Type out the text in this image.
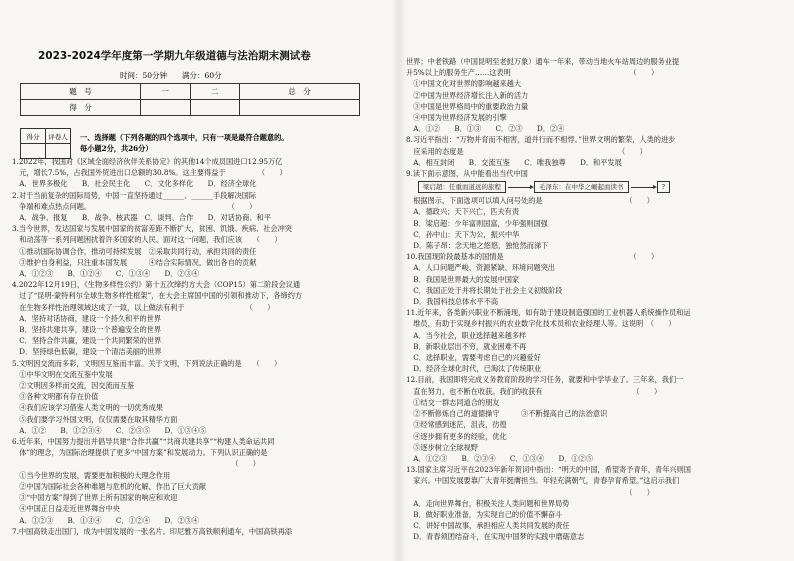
2023-2024学年度第一学期九年级道德与法治期末测试卷
时间：50分钟　　满分：60分
题　号	一	二	总　分
得　分			
得分	评卷人
	一、选择题（下列各题的四个选项中，只有一项是最符合题意的。
每小题2分，共26分）
1.2022年，我国对《区域全面经济伙伴关系协定》的其他14个成员国进口12.95万亿
　元，增长7.5%，占我国外贸进出口总额的30.8%。这主要得益于　　　　　（　　）
　A．世界多极化　　B．社会民主化　　C．文化多样化　　D．经济全球化
2.对于当前复杂的国际局势，中国一直坚持通过______、______手段解决国际
　争端和难点热点问题。　　　　　　　　　　　　　　　　　　　　（　　）
　A．战争、报复　　B．战争、核武器　C．谈判、合作　　D．对话协商、和平
3.当今世界，发达国家与发展中国家的贫富差距不断扩大，贫困、饥饿、疾病、社会冲突
　和动荡等一系列问题困扰着许多国家的人民。面对这一问题，我们应该　　（　　）
　①推动国际协调合作，推动可持续发展　②采取共同行动，承担共同的责任
　③维护自身利益，只注重本国发展　　　④结合实际情况，做出各自的贡献
　A．①②③　　B．①②④　　C．①③④　　D．②③④
4.2022年12月19日，《生物多样性公约》第十五次缔约方大会（COP15）第二阶段会议通
　过了“昆明-蒙特利尔全球生物多样性框架”，在大会主席国中国的引领和推动下，各缔约方
　在生物多样性治理领域达成了一致，以上做法有利于　　　　　　　　　（　　）
　A．坚持对话协商，建设一个持久和平的世界
　B．坚持共建共享，建设一个普遍安全的世界
　C．坚持合作共赢，建设一个共同繁荣的世界
　D．坚持绿色低碳，建设一个清洁美丽的世界
5.文明因交流而多彩，文明因互鉴而丰富。关于文明，下列说法正确的是　　（　　）
　①中华文明在交流互鉴中发展
　②文明因多样而交流，因交流而互鉴
　③各种文明都有存在价值
　④我们应该学习借鉴人类文明的一切优秀成果
　⑤我们要学习外国文明，仅仅需要在取其精华方面
　A．①②　　B．①②③④　　C．②③⑤　　D．①③④⑤
6.近年来，中国努力提出并倡导共建“合作共赢”“共商共建共享”“构建人类命运共同
　体”的理念，为国际治理提供了更多“中国方案”和发展动力。下列认识正确的是
　　　　　　　　　　　　　　　　　　　　　　　　　　　　　　　（　　）
　①当今世界的发展，需要更加积极的大理念作用
　②中国为国际社会各种难题与危机的化解，作出了巨大贡献
　③“中国方案”得到了世界上所有国家的响应和欢迎
　④中国正日益走近世界舞台中央
　A．①②③　　B．①③④　　C．①②④　　D．②③④
7.中国高铁走出国门，成为中国发展的一张名片。印尼雅万高铁顺利通车，中国高铁再添
世界；中老铁路（中国昆明至老挝万象）通车一年来，带动当地火车站周边的服务业提
升5%以上的服务生产……这表明　　　　　　　　　　　　　　　　　（　　）
　①中国文化对世界的影响越来越大
　②中国为世界经济增长注入新的活力
　③中国是世界格局中的重要政治力量
　④中国为世界经济发展的引擎
　A．①②　　B．①③　　C．②③　　D．②④
8.习近平指出：“万物并育而不相害，道并行而不相悖。”世界文明的繁荣，人类的进步
　应采用的态度是　　　　　　　　　　　　　　　　　　　　　　（　　）
　A．相互封闭　　B．交流互鉴　　C．唯我独尊　　D．和平发展
9.读下面示意图，从中能看出当代中国
梁启超：任重而道远的旅程	毛泽东：在中华之崛起而读书	?
　根据图示，下面选项可以填入问号处的是　　　　　　　　　　　　（　　）
　A．德政兴；天下兴亡，匹夫有责
　B．梁启超：少年富则国富，少年强则国强
　C．孙中山：天下为公，振兴中华
　D．陈子昂：念天地之悠悠，独怆然而涕下
10.我国现阶段最基本的国情是　　　　　　　　　　　　　　　　　　（　　）
　A．人口问题严峻、资源紧缺、环境问题突出
　B．我国是世界最大的发展中国家
　C．我国正处于并将长期处于社会主义初级阶段
　D．我国科技总体水平不高
11.近年来，各类新兴职业不断涌现，如有助于建设制造强国的工业机器人系统操作员和运
　维员，有助于实现乡村振兴的农业数字化技术员和农业经理人等。这说明　（　　）
　A．当今社会，职业选择越来越多样
　B．新职业层出不穷，就业困难不再
　C．选择职业，需要考虑自己的兴趣爱好
　D．经济全球化时代，已淘汰了传统职业
12.目前，我国即将完成义务教育阶段的学习任务，就要和中学毕业了。三年来，我们一
　直在努力，也不断在收获。我们的收获有　　　　　　　　　　　　　（　　）
　①结交一群志同道合的朋友
　②不断修炼自己的道德操守　　　③不断提高自己的法治意识
　③经常感到迷茫，沮丧，彷徨
　④逐步拥有更多的经验，优化
　⑤逐步树立全球视野
　A．①②③　　B．②③④　　C．①③④　　D．①②⑤
13.国家主席习近平在2023年新年贺词中指出：“明天的中国，希望寄予青年，青年兴则国
　家兴。中国发展要靠广大青年挺膺担当。年轻充满朝气，青春孕育希望。”这启示我们
　　　　　　　　　　　　　　　　　　　　　　　　　　　　　　　（　　）
　A．走向世界舞台，积极关注人类问题和世界局势
　B．做好职业准备，为实现自己的价值不懈奋斗
　C．讲好中国故事，承担相应人类共同发展的责任
　D．青春须团结奋斗，在实现中国梦的实践中磨砺意志
